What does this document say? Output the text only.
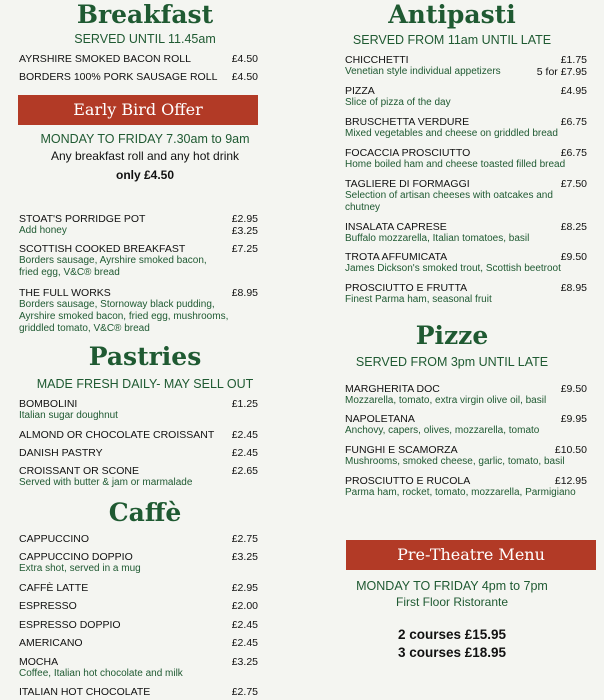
Breakfast
SERVED UNTIL 11.45am
AYRSHIRE SMOKED BACON ROLL	£4.50
BORDERS 100% PORK SAUSAGE ROLL £4.50
Early Bird Offer
MONDAY TO FRIDAY 7.30am to 9am
Any breakfast roll and any hot drink
only £4.50
STOAT'S PORRIDGE POT	£2.95
Add honey	£3.25
SCOTTISH COOKED BREAKFAST	£7.25
Borders sausage, Ayrshire smoked bacon,
fried egg, V&C® bread
THE FULL WORKS	£8.95
Borders sausage, Stornoway black pudding,
Ayrshire smoked bacon, fried egg, mushrooms,
griddled tomato, V&C® bread
Pastries
MADE FRESH DAILY- MAY SELL OUT
BOMBOLINI	£1.25
Italian sugar doughnut
ALMOND OR CHOCOLATE CROISSANT £2.45
DANISH PASTRY	£2.45
CROISSANT OR SCONE	£2.65
Served with butter & jam or marmalade
Caffè
CAPPUCCINO	£2.75
CAPPUCCINO DOPPIO	£3.25
Extra shot, served in a mug
CAFFÈ LATTE	£2.95
ESPRESSO	£2.00
ESPRESSO DOPPIO	£2.45
AMERICANO	£2.45
MOCHA	£3.25
Coffee, Italian hot chocolate and milk
ITALIAN HOT CHOCOLATE	£2.75
Antipasti
SERVED FROM 11am UNTIL LATE
CHICCHETTI	£1.75
Venetian style individual appetizers	5 for £7.95
PIZZA	£4.95
Slice of pizza of the day
BRUSCHETTA VERDURE	£6.75
Mixed vegetables and cheese on griddled bread
FOCACCIA PROSCIUTTO	£6.75
Home boiled ham and cheese toasted filled bread
TAGLIERE DI FORMAGGI	£7.50
Selection of artisan cheeses with oatcakes and
chutney
INSALATA CAPRESE	£8.25
Buffalo mozzarella, Italian tomatoes, basil
TROTA AFFUMICATA	£9.50
James Dickson's smoked trout, Scottish beetroot
PROSCIUTTO E FRUTTA	£8.95
Finest Parma ham, seasonal fruit
Pizze
SERVED FROM 3pm UNTIL LATE
MARGHERITA DOC	£9.50
Mozzarella, tomato, extra virgin olive oil, basil
NAPOLETANA	£9.95
Anchovy, capers, olives, mozzarella, tomato
FUNGHI E SCAMORZA	£10.50
Mushrooms, smoked cheese, garlic, tomato, basil
PROSCIUTTO E RUCOLA	£12.95
Parma ham, rocket, tomato, mozzarella, Parmigiano
Pre-Theatre Menu
MONDAY TO FRIDAY 4pm to 7pm
First Floor Ristorante
2 courses £15.95
3 courses £18.95
